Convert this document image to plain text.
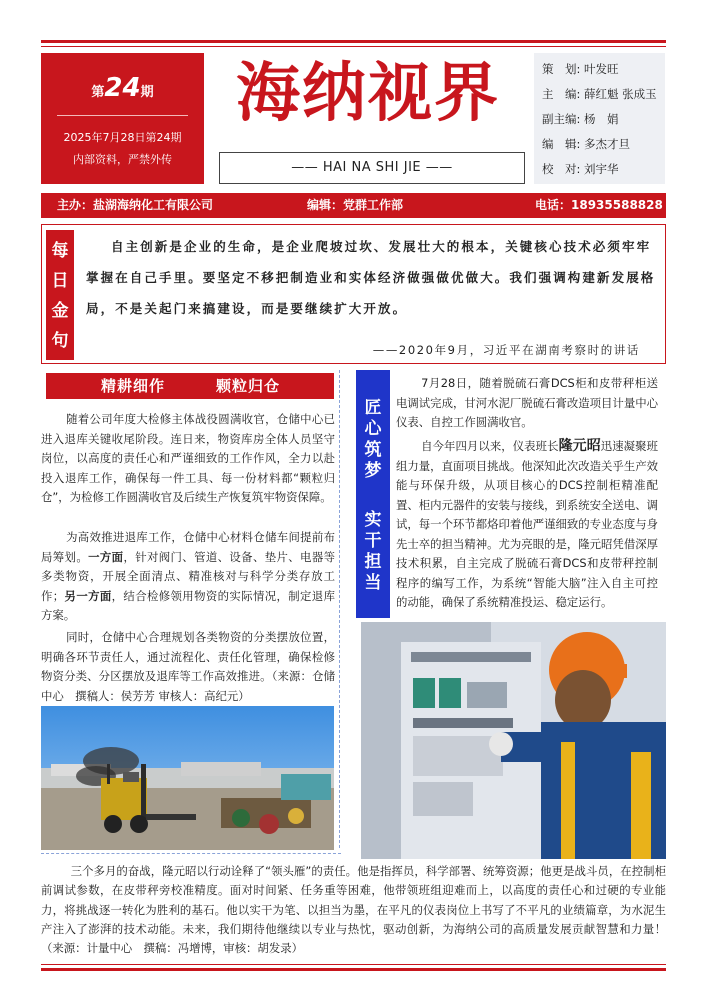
第24期
2025年7月28日第24期
内部资料，严禁外传
海纳视界
—— HAI NA SHI JIE ——
策　划: 叶发旺
主　编: 薛红魁 张成玉
副主编: 杨　娟
编　辑: 多杰才旦
校　对: 刘宇华
主办：盐湖海纳化工有限公司	编辑：党群工作部	电话：18935588828
每
日
金
句
自主创新是企业的生命，是企业爬坡过坎、发展壮大的根本，关键核心技术必须牢牢掌握在自己手里。要坚定不移把制造业和实体经济做强做优做大。我们强调构建新发展格局，不是关起门来搞建设，而是要继续扩大开放。
——2020年9月，习近平在湖南考察时的讲话
精耕细作	颗粒归仓
随着公司年度大检修主体战役圆满收官，仓储中心已进入退库关键收尾阶段。连日来，物资库房全体人员坚守岗位，以高度的责任心和严谨细致的工作作风，全力以赴投入退库工作，确保每一件工具、每一份材料都“颗粒归仓”，为检修工作圆满收官及后续生产恢复筑牢物资保障。
为高效推进退库工作，仓储中心材料仓储车间提前布局筹划。一方面，针对阀门、管道、设备、垫片、电器等多类物资，开展全面清点、精准核对与科学分类存放工作；另一方面，结合检修领用物资的实际情况，制定退库方案。
同时，仓储中心合理规划各类物资的分类摆放位置，明确各环节责任人，通过流程化、责任化管理，确保检修物资分类、分区摆放及退库等工作高效推进。（来源：仓储中心　撰稿人：侯芳芳 审核人：高纪元）
匠
心
筑
梦
实
干
担
当
7月28日，随着脱硫石膏DCS柜和皮带秤柜送电调试完成，甘河水泥厂脱硫石膏改造项目计量中心仪表、自控工作圆满收官。
自今年四月以来，仪表班长隆元昭迅速凝聚班组力量，直面项目挑战。他深知此次改造关乎生产效能与环保升级，从项目核心的DCS控制柜精准配置、柜内元器件的安装与接线，到系统安全送电、调试，每一个环节都烙印着他严谨细致的专业态度与身先士卒的担当精神。尤为亮眼的是，隆元昭凭借深厚技术积累，自主完成了脱硫石膏DCS和皮带秤控制程序的编写工作，为系统“智能大脑”注入自主可控的动能，确保了系统精准投运、稳定运行。
三个多月的奋战，隆元昭以行动诠释了“领头雁”的责任。他是指挥员，科学部署、统筹资源；他更是战斗员，在控制柜前调试参数，在皮带秤旁校准精度。面对时间紧、任务重等困难，他带领班组迎难而上，以高度的责任心和过硬的专业能力，将挑战逐一转化为胜利的基石。他以实干为笔、以担当为墨，在平凡的仪表岗位上书写了不平凡的业绩篇章，为水泥生产注入了澎湃的技术动能。未来，我们期待他继续以专业与热忱，驱动创新，为海纳公司的高质量发展贡献智慧和力量！（来源：计量中心　撰稿：冯增博，审核：胡发录）
